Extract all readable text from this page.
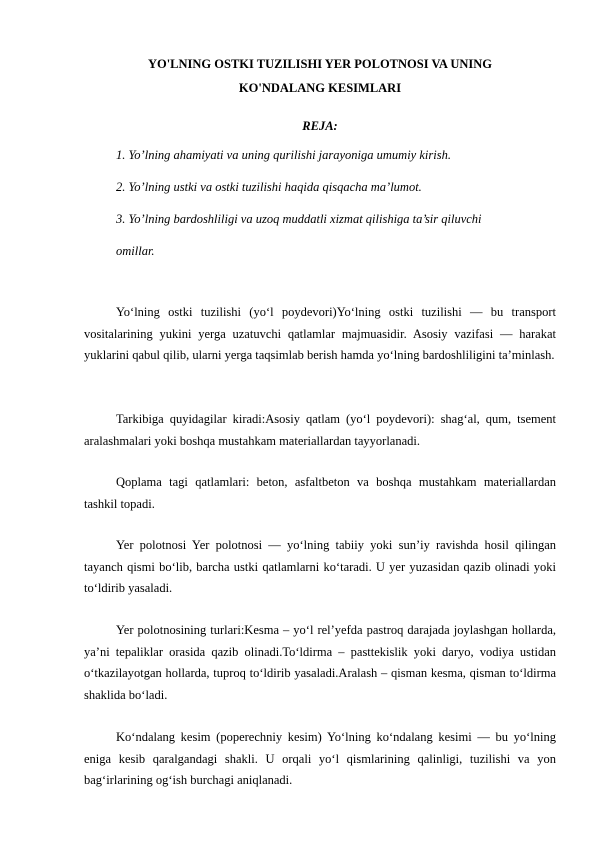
YO'LNING OSTKI TUZILISHI YER POLOTNOSI VA UNING
KO'NDALANG KESIMLARI
REJA:
1. Yo’lning ahamiyati va uning qurilishi jarayoniga umumiy kirish.
2. Yo’lning ustki va ostki tuzilishi haqida qisqacha ma’lumot.
3. Yo’lning bardoshliligi va uzoq muddatli xizmat qilishiga ta’sir qiluvchi
omillar.

Yo‘lning ostki tuzilishi (yo‘l poydevori)Yo‘lning ostki tuzilishi — bu transport vositalarining yukini yerga uzatuvchi qatlamlar majmuasidir. Asosiy vazifasi — harakat yuklarini qabul qilib, ularni yerga taqsimlab berish hamda yo‘lning bardoshliligini ta’minlash.

Tarkibiga quyidagilar kiradi:Asosiy qatlam (yo‘l poydevori): shag‘al, qum, tsement aralashmalari yoki boshqa mustahkam materiallardan tayyorlanadi.

Qoplama tagi qatlamlari: beton, asfaltbeton va boshqa mustahkam materiallardan tashkil topadi.

Yer polotnosi Yer polotnosi — yo‘lning tabiiy yoki sun’iy ravishda hosil qilingan tayanch qismi bo‘lib, barcha ustki qatlamlarni ko‘taradi. U yer yuzasidan qazib olinadi yoki to‘ldirib yasaladi.

Yer polotnosining turlari:Kesma – yo‘l rel’yefda pastroq darajada joylashgan hollarda, ya’ni tepaliklar orasida qazib olinadi.To‘ldirma – pasttekislik yoki daryo, vodiya ustidan o‘tkazilayotgan hollarda, tuproq to‘ldirib yasaladi.Aralash – qisman kesma, qisman to‘ldirma shaklida bo‘ladi.

Ko‘ndalang kesim (poperechniy kesim) Yo‘lning ko‘ndalang kesimi — bu yo‘lning eniga kesib qaralgandagi shakli. U orqali yo‘l qismlarining qalinligi, tuzilishi va yon bag‘irlarining og‘ish burchagi aniqlanadi.
